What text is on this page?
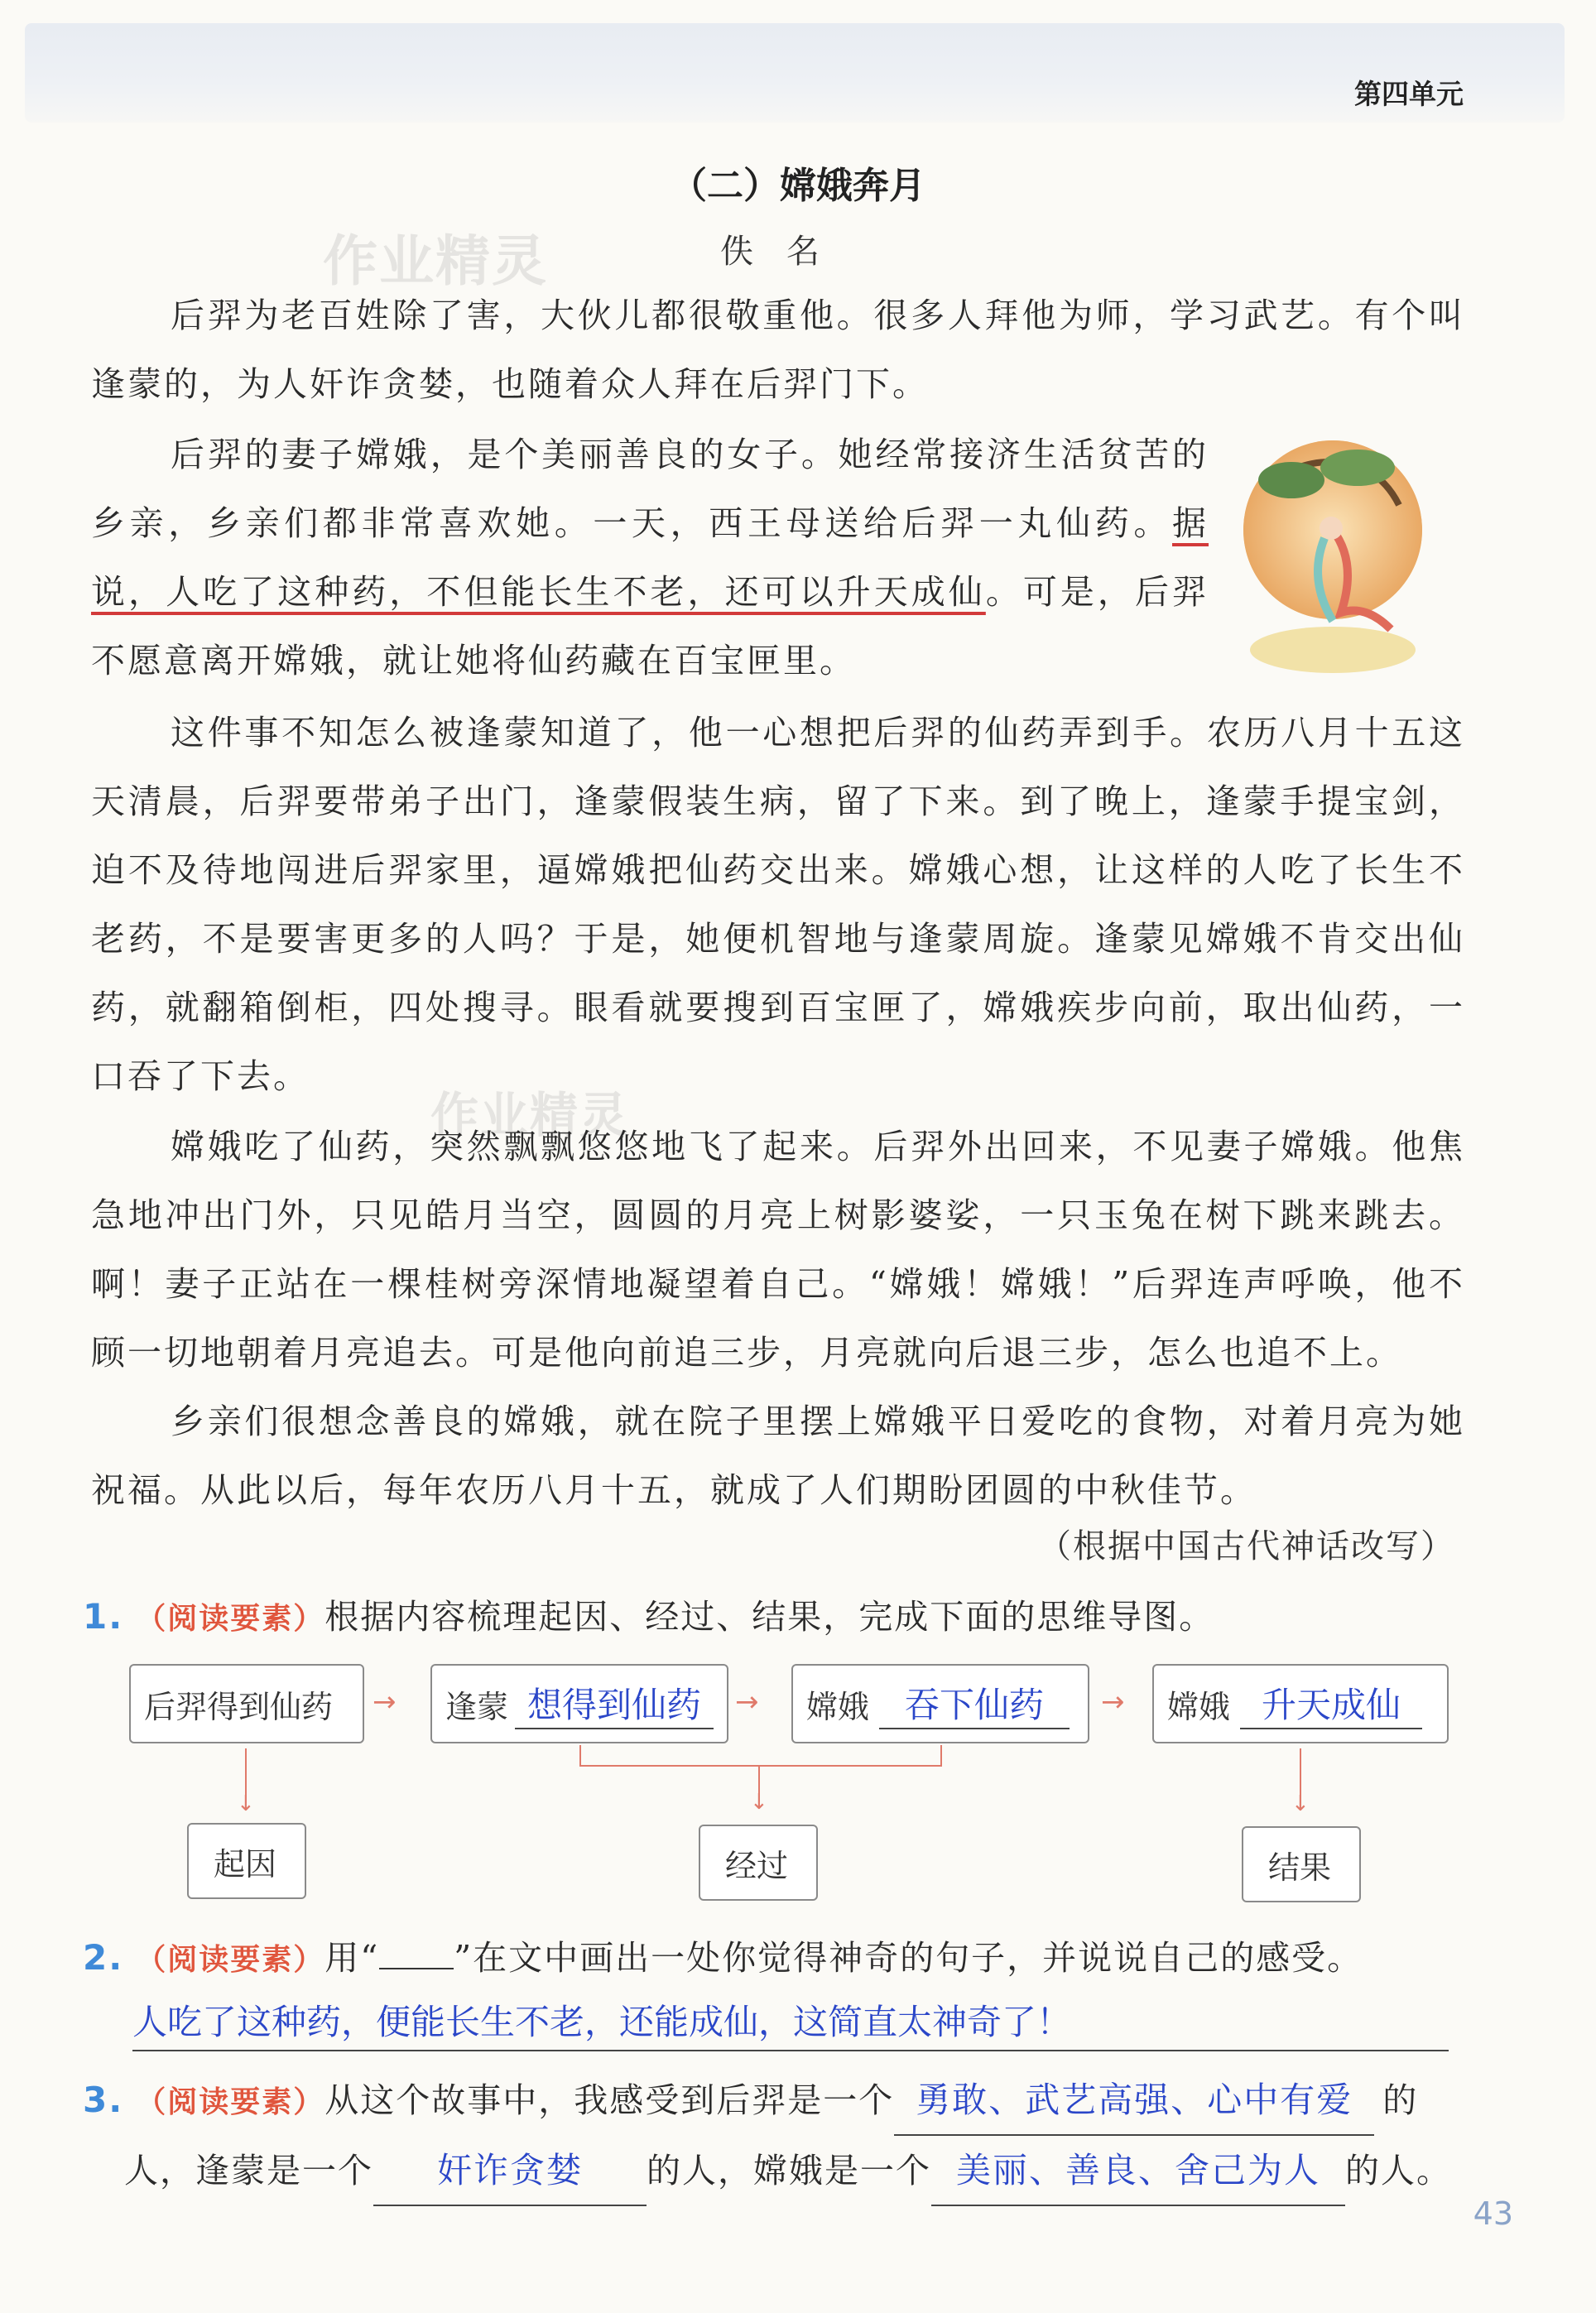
第四单元
（二）嫦娥奔月
佚名
作业精灵
作业精灵
后羿为老百姓除了害，大伙儿都很敬重他。很多人拜他为师，学习武艺。有个叫逢蒙的，为人奸诈贪婪，也随着众人拜在后羿门下。
后羿的妻子嫦娥，是个美丽善良的女子。她经常接济生活贫苦的乡亲，乡亲们都非常喜欢她。一天，西王母送给后羿一丸仙药。据说，人吃了这种药，不但能长生不老，还可以升天成仙。可是，后羿不愿意离开嫦娥，就让她将仙药藏在百宝匣里。
这件事不知怎么被逢蒙知道了，他一心想把后羿的仙药弄到手。农历八月十五这天清晨，后羿要带弟子出门，逢蒙假装生病，留了下来。到了晚上，逢蒙手提宝剑，迫不及待地闯进后羿家里，逼嫦娥把仙药交出来。嫦娥心想，让这样的人吃了长生不老药，不是要害更多的人吗？于是，她便机智地与逢蒙周旋。逢蒙见嫦娥不肯交出仙药，就翻箱倒柜，四处搜寻。眼看就要搜到百宝匣了，嫦娥疾步向前，取出仙药，一口吞了下去。
嫦娥吃了仙药，突然飘飘悠悠地飞了起来。后羿外出回来，不见妻子嫦娥。他焦急地冲出门外，只见皓月当空，圆圆的月亮上树影婆娑，一只玉兔在树下跳来跳去。啊！妻子正站在一棵桂树旁深情地凝望着自己。“嫦娥！嫦娥！”后羿连声呼唤，他不顾一切地朝着月亮追去。可是他向前追三步，月亮就向后退三步，怎么也追不上。
乡亲们很想念善良的嫦娥，就在院子里摆上嫦娥平日爱吃的食物，对着月亮为她祝福。从此以后，每年农历八月十五，就成了人们期盼团圆的中秋佳节。
（根据中国古代神话改写）
1. （阅读要素）根据内容梳理起因、经过、结果，完成下面的思维导图。
后羿得到仙药	→ 逢蒙 想得到仙药	→ 嫦娥	吞下仙药	→ 嫦娥 升天成仙
↓	↓	↓
起因	经过	结果
2. （阅读要素）用“ ”在文中画出一处你觉得神奇的句子，并说说自己的感受。
人吃了这种药，便能长生不老，还能成仙，这简直太神奇了！
3. （阅读要素）从这个故事中，我感受到后羿是一个 勇敢、武艺高强、心中有爱 的
人，逢蒙是一个 奸诈贪婪 的人，嫦娥是一个 美丽、善良、舍己为人 的人。
43
